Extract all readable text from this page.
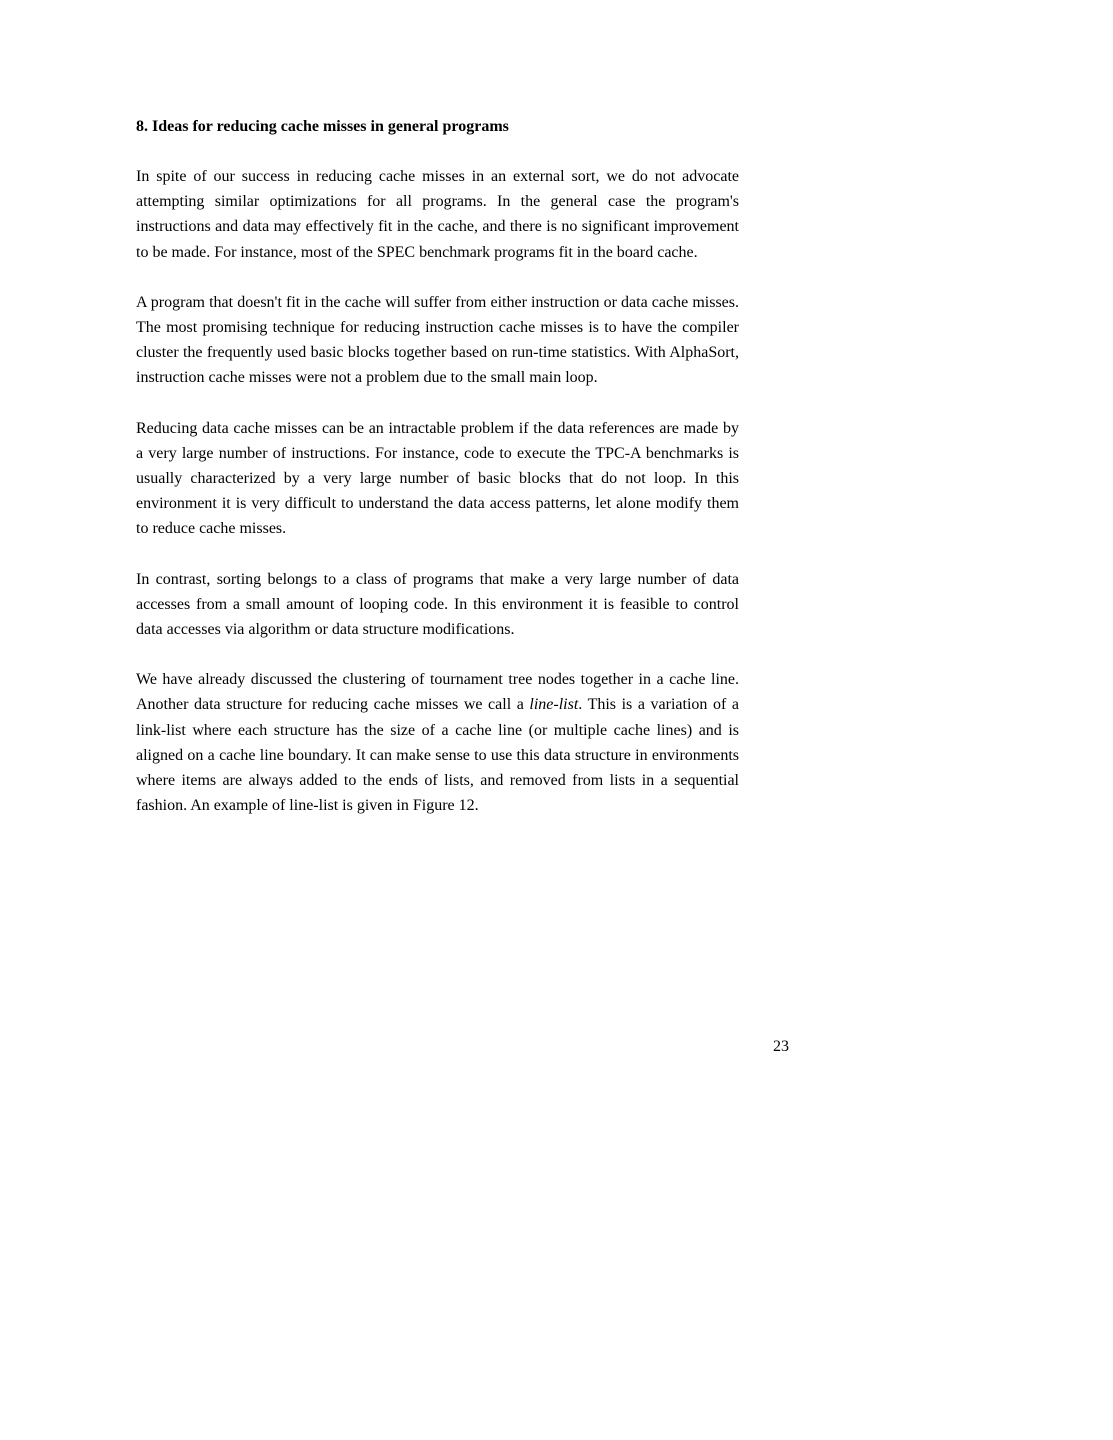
8. Ideas for reducing cache misses in general programs

In spite of our success in reducing cache misses in an external sort, we do not advocate attempting similar optimizations for all programs. In the general case the program's instructions and data may effectively fit in the cache, and there is no significant improvement to be made. For instance, most of the SPEC benchmark programs fit in the board cache.

A program that doesn't fit in the cache will suffer from either instruction or data cache misses. The most promising technique for reducing instruction cache misses is to have the compiler cluster the frequently used basic blocks together based on run-time statistics. With AlphaSort, instruction cache misses were not a problem due to the small main loop.

Reducing data cache misses can be an intractable problem if the data references are made by a very large number of instructions. For instance, code to execute the TPC-A benchmarks is usually characterized by a very large number of basic blocks that do not loop. In this environment it is very difficult to understand the data access patterns, let alone modify them to reduce cache misses.

In contrast, sorting belongs to a class of programs that make a very large number of data accesses from a small amount of looping code. In this environment it is feasible to control data accesses via algorithm or data structure modifications.

We have already discussed the clustering of tournament tree nodes together in a cache line. Another data structure for reducing cache misses we call a line-list. This is a variation of a link-list where each structure has the size of a cache line (or multiple cache lines) and is aligned on a cache line boundary. It can make sense to use this data structure in environments where items are always added to the ends of lists, and removed from lists in a sequential fashion. An example of line-list is given in Figure 12.

23
